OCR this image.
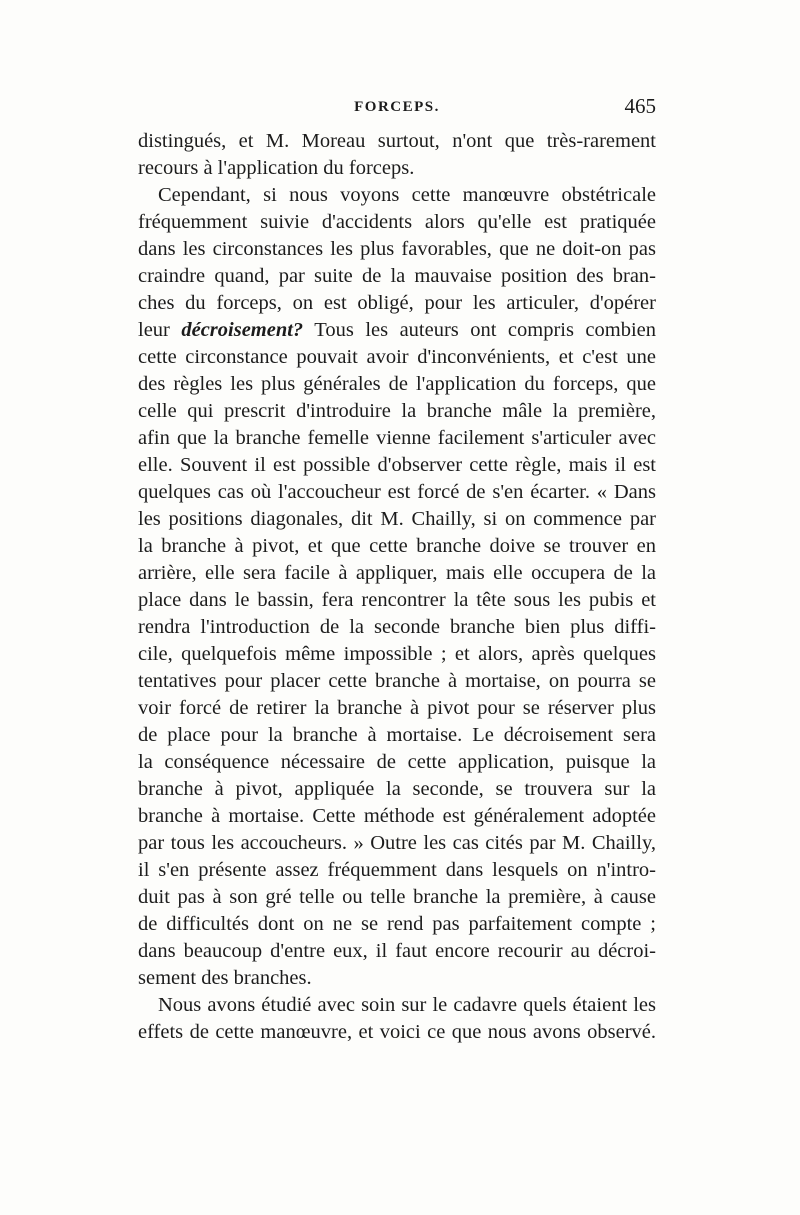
FORCEPS.	465
distingués, et M. Moreau surtout, n'ont que très-rarement
recours à l'application du forceps.
Cependant, si nous voyons cette manœuvre obstétricale
fréquemment suivie d'accidents alors qu'elle est pratiquée
dans les circonstances les plus favorables, que ne doit-on pas
craindre quand, par suite de la mauvaise position des bran-
ches du forceps, on est obligé, pour les articuler, d'opérer
leur décroisement? Tous les auteurs ont compris combien
cette circonstance pouvait avoir d'inconvénients, et c'est une
des règles les plus générales de l'application du forceps, que
celle qui prescrit d'introduire la branche mâle la première,
afin que la branche femelle vienne facilement s'articuler avec
elle. Souvent il est possible d'observer cette règle, mais il est
quelques cas où l'accoucheur est forcé de s'en écarter. « Dans
les positions diagonales, dit M. Chailly, si on commence par
la branche à pivot, et que cette branche doive se trouver en
arrière, elle sera facile à appliquer, mais elle occupera de la
place dans le bassin, fera rencontrer la tête sous les pubis et
rendra l'introduction de la seconde branche bien plus diffi-
cile, quelquefois même impossible ; et alors, après quelques
tentatives pour placer cette branche à mortaise, on pourra se
voir forcé de retirer la branche à pivot pour se réserver plus
de place pour la branche à mortaise. Le décroisement sera
la conséquence nécessaire de cette application, puisque la
branche à pivot, appliquée la seconde, se trouvera sur la
branche à mortaise. Cette méthode est généralement adoptée
par tous les accoucheurs. » Outre les cas cités par M. Chailly,
il s'en présente assez fréquemment dans lesquels on n'intro-
duit pas à son gré telle ou telle branche la première, à cause
de difficultés dont on ne se rend pas parfaitement compte ;
dans beaucoup d'entre eux, il faut encore recourir au décroi-
sement des branches.
Nous avons étudié avec soin sur le cadavre quels étaient les
effets de cette manœuvre, et voici ce que nous avons observé.
